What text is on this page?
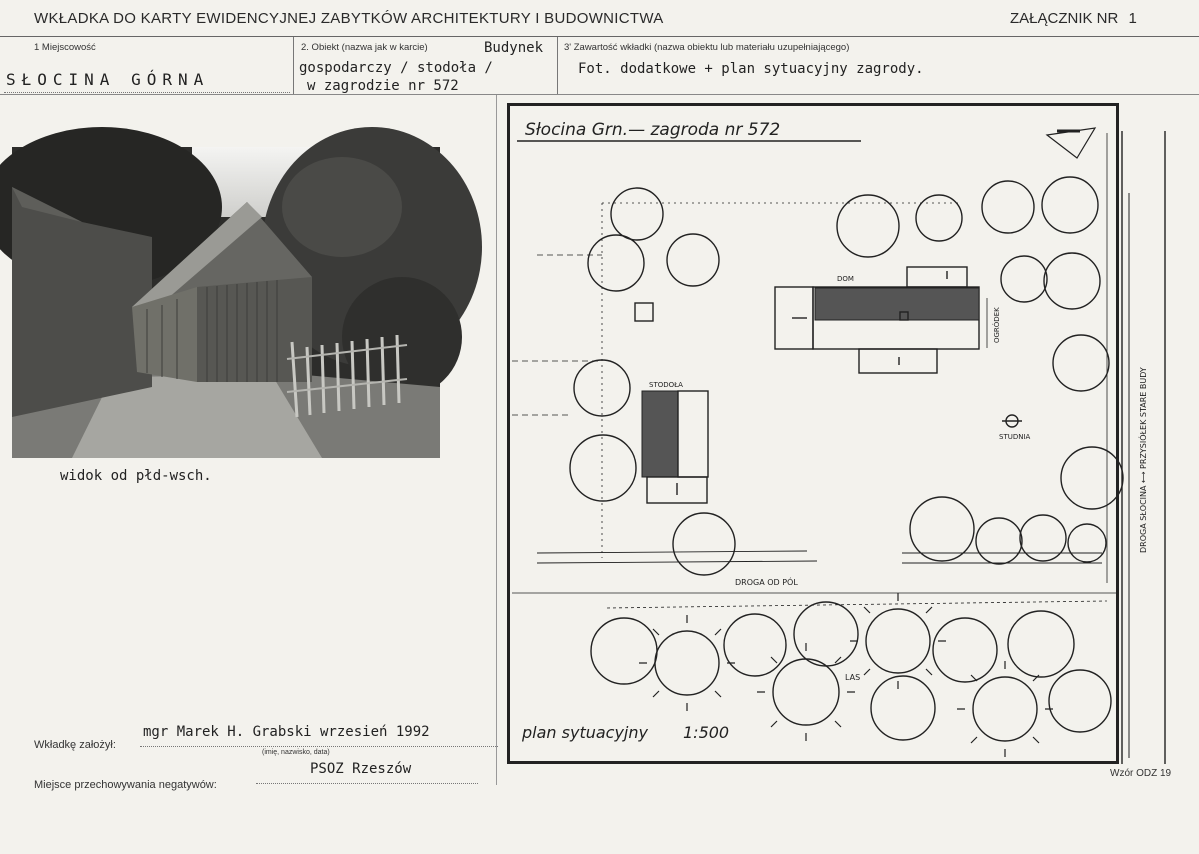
WKŁADKA DO KARTY EWIDENCYJNEJ ZABYTKÓW ARCHITEKTURY I BUDOWNICTWA	ZAŁĄCZNIK NR 1
1 Miejscowość
SŁOCINA GÓRNA
2. Obiekt (nazwa jak w karcie)	Budynek
gospodarczy / stodoła /
w zagrodzie nr 572
3' Zawartość wkładki (nazwa obiektu lub materiału uzupełniającego)
Fot. dodatkowe + plan sytuacyjny zagrody.
widok od płd-wsch.
Słocina Grn.— zagroda nr 572
DOM
STODOŁA
STUDNIA
DROGA OD PÓL
LAS
OGRÓDEK
DROGA SŁOCINA ⟷ PRZYSIÓŁEK STARE BUDY
plan sytuacyjny 1:500
Wkładkę założył:
mgr Marek H. Grabski wrzesień 1992
(imię, nazwisko, data)
Miejsce przechowywania negatywów:
PSOZ Rzeszów	Wzór ODZ 19
